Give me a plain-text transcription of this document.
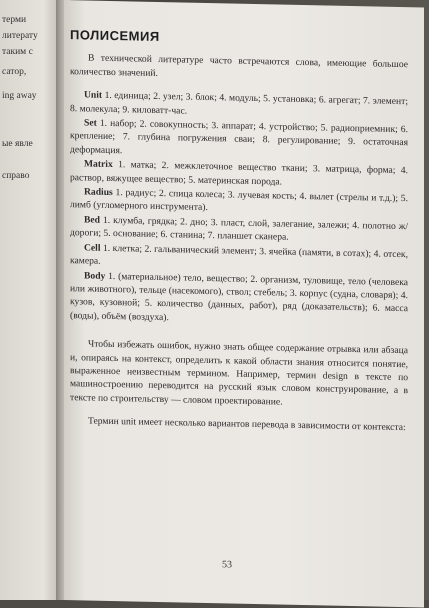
терми
литерату
таким с
сатор,
ing away
ые явле
справо
ПОЛИСЕМИЯ

В технической литературе часто встречаются слова, имеющие большое количество значений.

Unit 1. единица; 2. узел; 3. блок; 4. модуль; 5. установка; 6. агрегат; 7. элемент; 8. молекула; 9. киловатт-час.

Set 1. набор; 2. совокупность; 3. аппарат; 4. устройство; 5. радиоприемник; 6. крепление; 7. глубина погружения сваи; 8. регулирование; 9. остаточная деформация.

Matrix 1. матка; 2. межклеточное вещество ткани; 3. матрица, форма; 4. раствор, вяжущее вещество; 5. материнская порода.

Radius 1. радиус; 2. спица колеса; 3. лучевая кость; 4. вылет (стрелы и т.д.); 5. лимб (угломерного инструмента).

Bed 1. клумба, грядка; 2. дно; 3. пласт, слой, залегание, залежи; 4. полотно ж/дороги; 5. основание; 6. станина; 7. планшет сканера.

Cell 1. клетка; 2. гальванический элемент; 3. ячейка (памяти, в сотах); 4. отсек, камера.

Body 1. (материальное) тело, вещество; 2. организм, туловище, тело (человека или животного), тельце (насекомого), ствол; стебель; 3. корпус (судна, словаря); 4. кузов, кузовной; 5. количество (данных, работ), ряд (доказательств); 6. масса (воды), объём (воздуха).

Чтобы избежать ошибок, нужно знать общее содержание отрывка или абзаца и, опираясь на контекст, определить к какой области знания относится понятие, выраженное неизвестным термином. Например, термин design в тексте по машиностроению переводится на русский язык словом конструирование, а в тексте по строительству — словом проектирование.

Термин unit имеет несколько вариантов перевода в зависимости от контекста:

53
